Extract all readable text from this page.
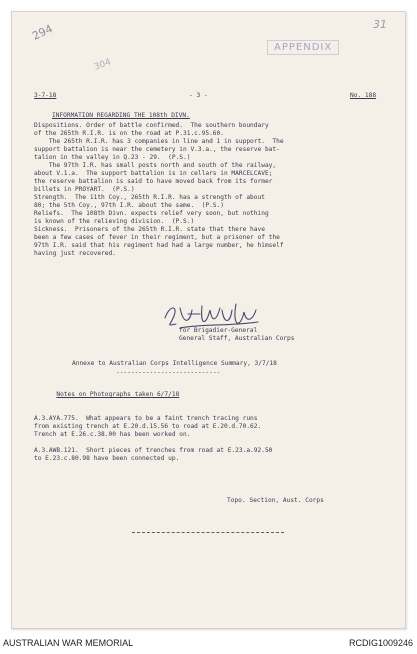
31
294
304
APPENDIX
3-7-18	- 3 -	No. 188
INFORMATION REGARDING THE 108th DIVN.
Dispositions. Order of battle confirmed.  The southern boundary
of the 265th R.I.R. is on the road at P.31.c.95.60.
The 265th R.I.R. has 3 companies in line and 1 in support.  The
support battalion is near the cemetery in V.3.a., the reserve bat-
talion in the valley in Q.23 - 29.  (P.S.)
The 97th I.R. has small posts north and south of the railway,
about V.1.a.  The support battalion is in cellars in MARCELCAVE;
the reserve battalion is said to have moved back from its former
billets in PROYART.  (P.S.)
Strength.  The 11th Coy., 265th R.I.R. has a strength of about
80; the 5th Coy., 97th I.R. about the same.  (P.S.)
Reliefs.  The 108th Divn. expects relief very soon, but nothing
is known of the relieving division.  (P.S.)
Sickness.  Prisoners of the 265th R.I.R. state that there have
been a few cases of fever in their regiment, but a prisoner of the
97th I.R. said that his regiment had had a large number, he himself
having just recovered.
for Brigadier-General
General Staff, Australian Corps
Annexe to Australian Corps Intelligence Summary, 3/7/18
----------------------------

Notes on Photographs taken 6/7/18

A.3.AYA.775.  What appears to be a faint trench tracing runs
from existing trench at E.20.d.15.56 to road at E.20.d.70.62.
Trench at E.26.c.38.00 has been worked on.
A.3.AWB.121.  Short pieces of trenches from road at E.23.a.92.50
to E.23.c.80.98 have been connected up.

Topo. Section, Aust. Corps
AUSTRALIAN WAR MEMORIAL	RCDIG1009246
